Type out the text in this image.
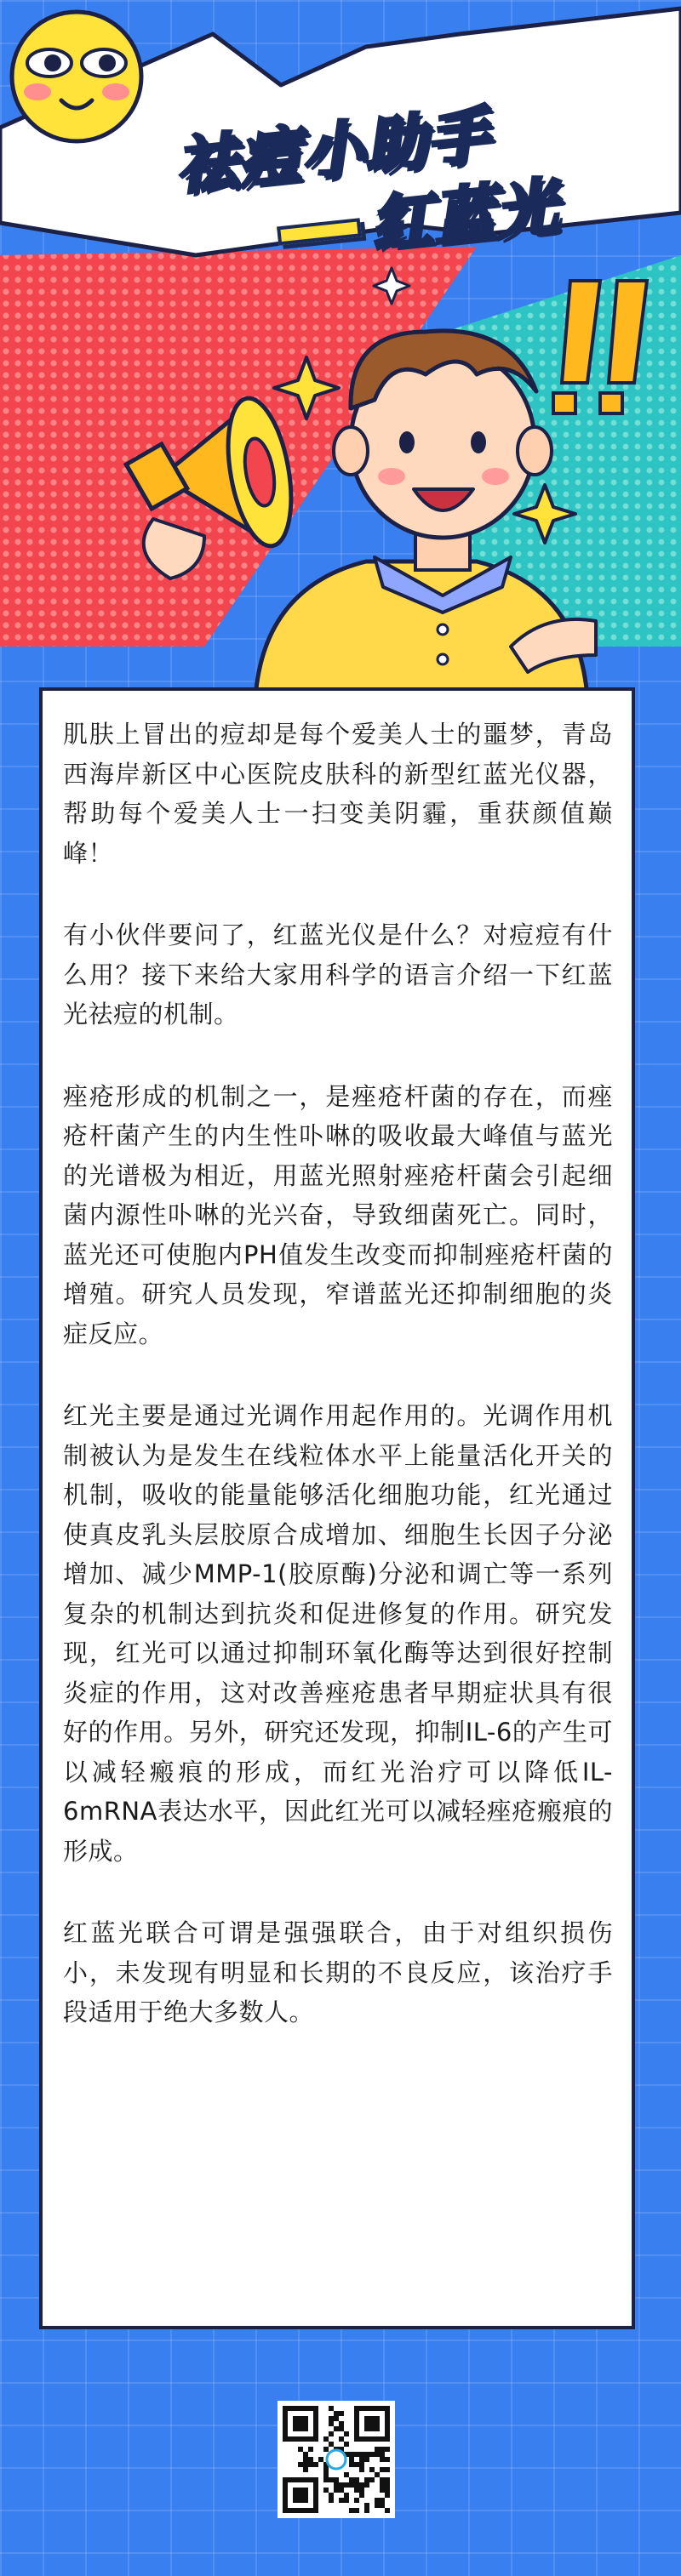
祛痘小助手
红蓝光

肌肤上冒出的痘却是每个爱美人士的噩梦，青岛西海岸新区中心医院皮肤科的新型红蓝光仪器，帮助每个爱美人士一扫变美阴霾，重获颜值巅峰！

有小伙伴要问了，红蓝光仪是什么？对痘痘有什么用？接下来给大家用科学的语言介绍一下红蓝光祛痘的机制。

痤疮形成的机制之一，是痤疮杆菌的存在，而痤疮杆菌产生的内生性卟啉的吸收最大峰值与蓝光的光谱极为相近，用蓝光照射痤疮杆菌会引起细菌内源性卟啉的光兴奋，导致细菌死亡。同时，蓝光还可使胞内PH值发生改变而抑制痤疮杆菌的增殖。研究人员发现，窄谱蓝光还抑制细胞的炎症反应。

红光主要是通过光调作用起作用的。光调作用机制被认为是发生在线粒体水平上能量活化开关的机制，吸收的能量能够活化细胞功能，红光通过使真皮乳头层胶原合成增加、细胞生长因子分泌增加、减少MMP-1(胶原酶)分泌和调亡等一系列复杂的机制达到抗炎和促进修复的作用。研究发现，红光可以通过抑制环氧化酶等达到很好控制炎症的作用，这对改善痤疮患者早期症状具有很好的作用。另外，研究还发现，抑制IL-6的产生可以减轻瘢痕的形成，而红光治疗可以降低IL-6mRNA表达水平，因此红光可以减轻痤疮瘢痕的形成。

红蓝光联合可谓是强强联合，由于对组织损伤小，未发现有明显和长期的不良反应，该治疗手段适用于绝大多数人。
